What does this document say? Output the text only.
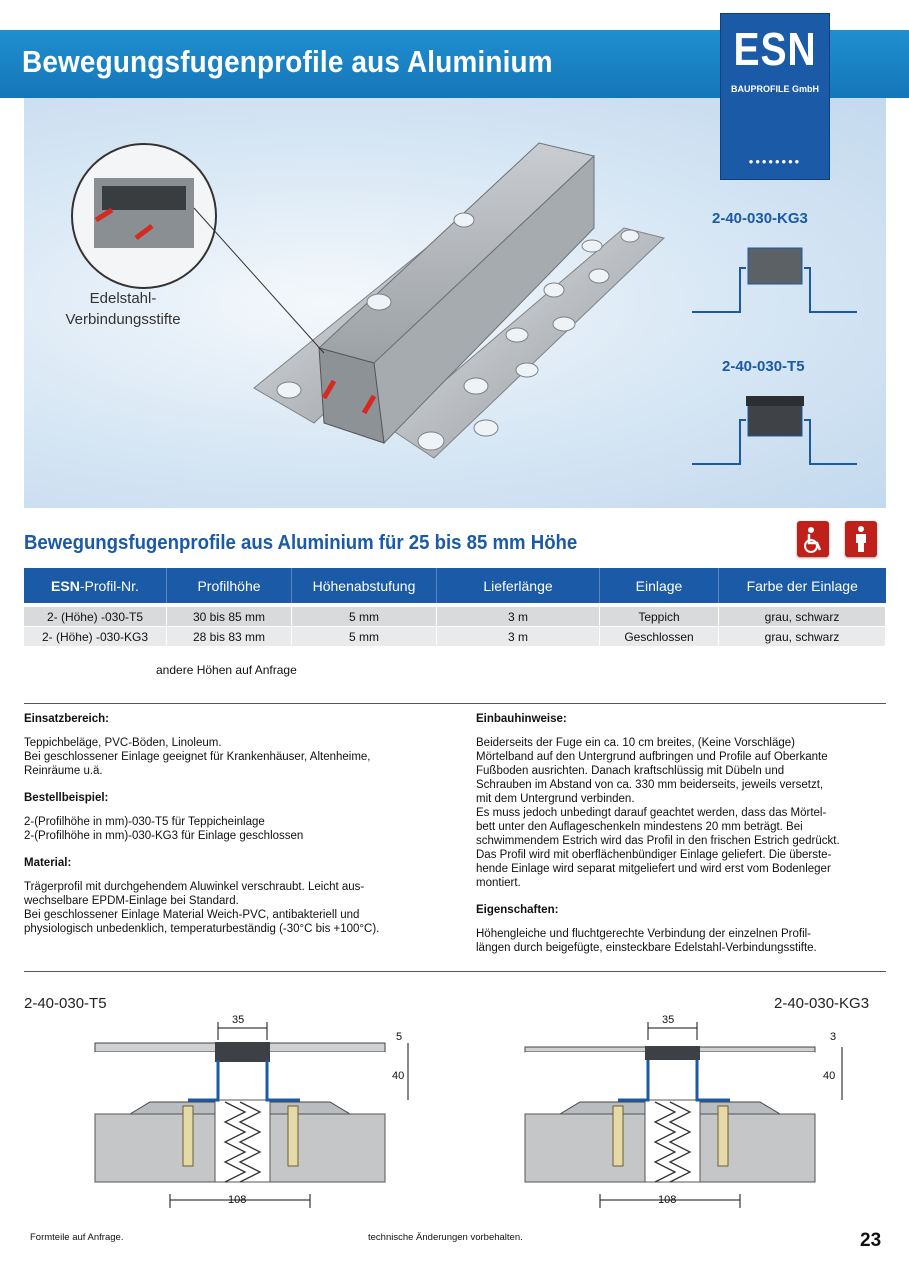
Bewegungsfugenprofile aus Aluminium
Edelstahl-Verbindungsstifte
2-40-030-KG3
2-40-030-T5
ESN
BAUPROFILE GmbH
••••••••
Bewegungsfugenprofile aus Aluminium für 25 bis 85 mm Höhe
ESN-Profil-Nr.	Profilhöhe	Höhenabstufung	Lieferlänge	Einlage	Farbe der Einlage

2- (Höhe) -030-T5	30 bis 85 mm	5 mm	3 m	Teppich	grau, schwarz
2- (Höhe) -030-KG3	28 bis 83 mm	5 mm	3 m	Geschlossen	grau, schwarz
andere Höhen auf Anfrage
Einsatzbereich:

Teppichbeläge, PVC-Böden, Linoleum.
Bei geschlossener Einlage geeignet für Krankenhäuser, Altenheime,
Reinräume u.ä.

Bestellbeispiel:

2-(Profilhöhe in mm)-030-T5 für Teppicheinlage
2-(Profilhöhe in mm)-030-KG3 für Einlage geschlossen

Material:

Trägerprofil mit durchgehendem Aluwinkel verschraubt. Leicht aus-
wechselbare EPDM-Einlage bei Standard.
Bei geschlossener Einlage Material Weich-PVC, antibakteriell und
physiologisch unbedenklich, temperaturbeständig (-30°C bis +100°C).

Einbauhinweise:

Beiderseits der Fuge ein ca. 10 cm breites, (Keine Vorschläge)
Mörtelband auf den Untergrund aufbringen und Profile auf Oberkante
Fußboden ausrichten. Danach kraftschlüssig mit Dübeln und
Schrauben im Abstand von ca. 330 mm beiderseits, jeweils versetzt,
mit dem Untergrund verbinden.
Es muss jedoch unbedingt darauf geachtet werden, dass das Mörtel-
bett unter den Auflageschenkeln mindestens 20 mm beträgt. Bei
schwimmendem Estrich wird das Profil in den frischen Estrich gedrückt.
Das Profil wird mit oberflächenbündiger Einlage geliefert. Die überste-
hende Einlage wird separat mitgeliefert und wird erst vom Bodenleger
montiert.

Eigenschaften:

Höhengleiche und fluchtgerechte Verbindung der einzelnen Profil-
längen durch beigefügte, einsteckbare Edelstahl-Verbindungsstifte.

2-40-030-T5	2-40-030-KG3
35
5
40
108
35
3
40
108
Formteile auf Anfrage.	technische Änderungen vorbehalten.	23
